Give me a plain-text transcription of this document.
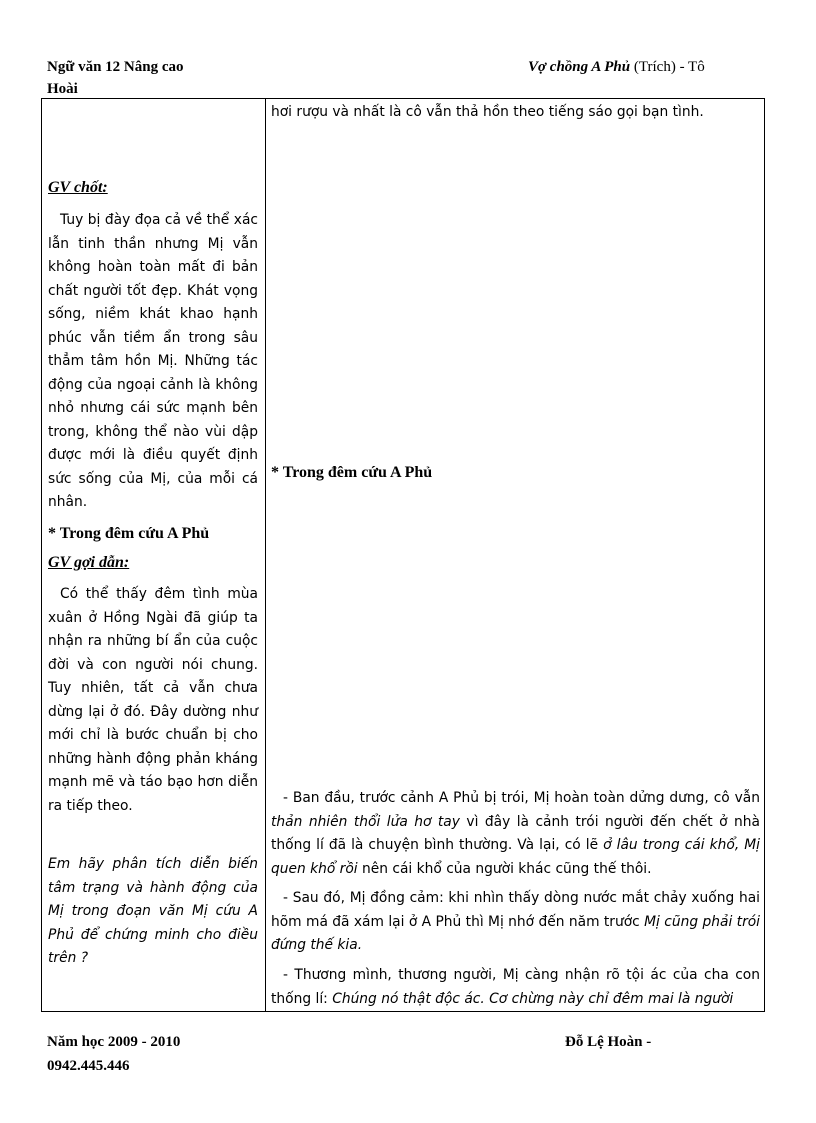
Ngữ văn 12 Nâng cao
Hoài
Vợ chồng A Phủ (Trích) - Tô
GV chốt:
Tuy bị đày đọa cả về thể xác lẫn tinh thần nhưng Mị vẫn không hoàn toàn mất đi bản chất người tốt đẹp. Khát vọng sống, niềm khát khao hạnh phúc vẫn tiềm ẩn trong sâu thẳm tâm hồn Mị. Những tác động của ngoại cảnh là không nhỏ nhưng cái sức mạnh bên trong, không thể nào vùi dập được mới là điều quyết định sức sống của Mị, của mỗi cá nhân.
* Trong đêm cứu A Phủ
GV gợi dẫn:
Có thể thấy đêm tình mùa xuân ở Hồng Ngài đã giúp ta nhận ra những bí ẩn của cuộc đời và con người nói chung. Tuy nhiên, tất cả vẫn chưa dừng lại ở đó. Đây dường như mới chỉ là bước chuẩn bị cho những hành động phản kháng mạnh mẽ và táo bạo hơn diễn ra tiếp theo.
Em hãy phân tích diễn biến tâm trạng và hành động của Mị trong đoạn văn Mị cứu A Phủ để chứng minh cho điều trên ?
hơi rượu và nhất là cô vẫn thả hồn theo tiếng sáo gọi bạn tình.
* Trong đêm cứu A Phủ
- Ban đầu, trước cảnh A Phủ bị trói, Mị hoàn toàn dửng dưng, cô vẫn thản nhiên thổi lửa hơ tay vì đây là cảnh trói người đến chết ở nhà thống lí đã là chuyện bình thường. Và lại, có lẽ ở lâu trong cái khổ, Mị quen khổ rồi nên cái khổ của người khác cũng thế thôi.
- Sau đó, Mị đồng cảm: khi nhìn thấy dòng nước mắt chảy xuống hai hõm má đã xám lại ở A Phủ thì Mị nhớ đến năm trước Mị cũng phải trói đứng thế kia.
- Thương mình, thương người, Mị càng nhận rõ tội ác của cha con thống lí: Chúng nó thật độc ác. Cơ chừng này chỉ đêm mai là người
Năm học 2009 - 2010
0942.445.446
Đỗ Lệ Hoàn -
